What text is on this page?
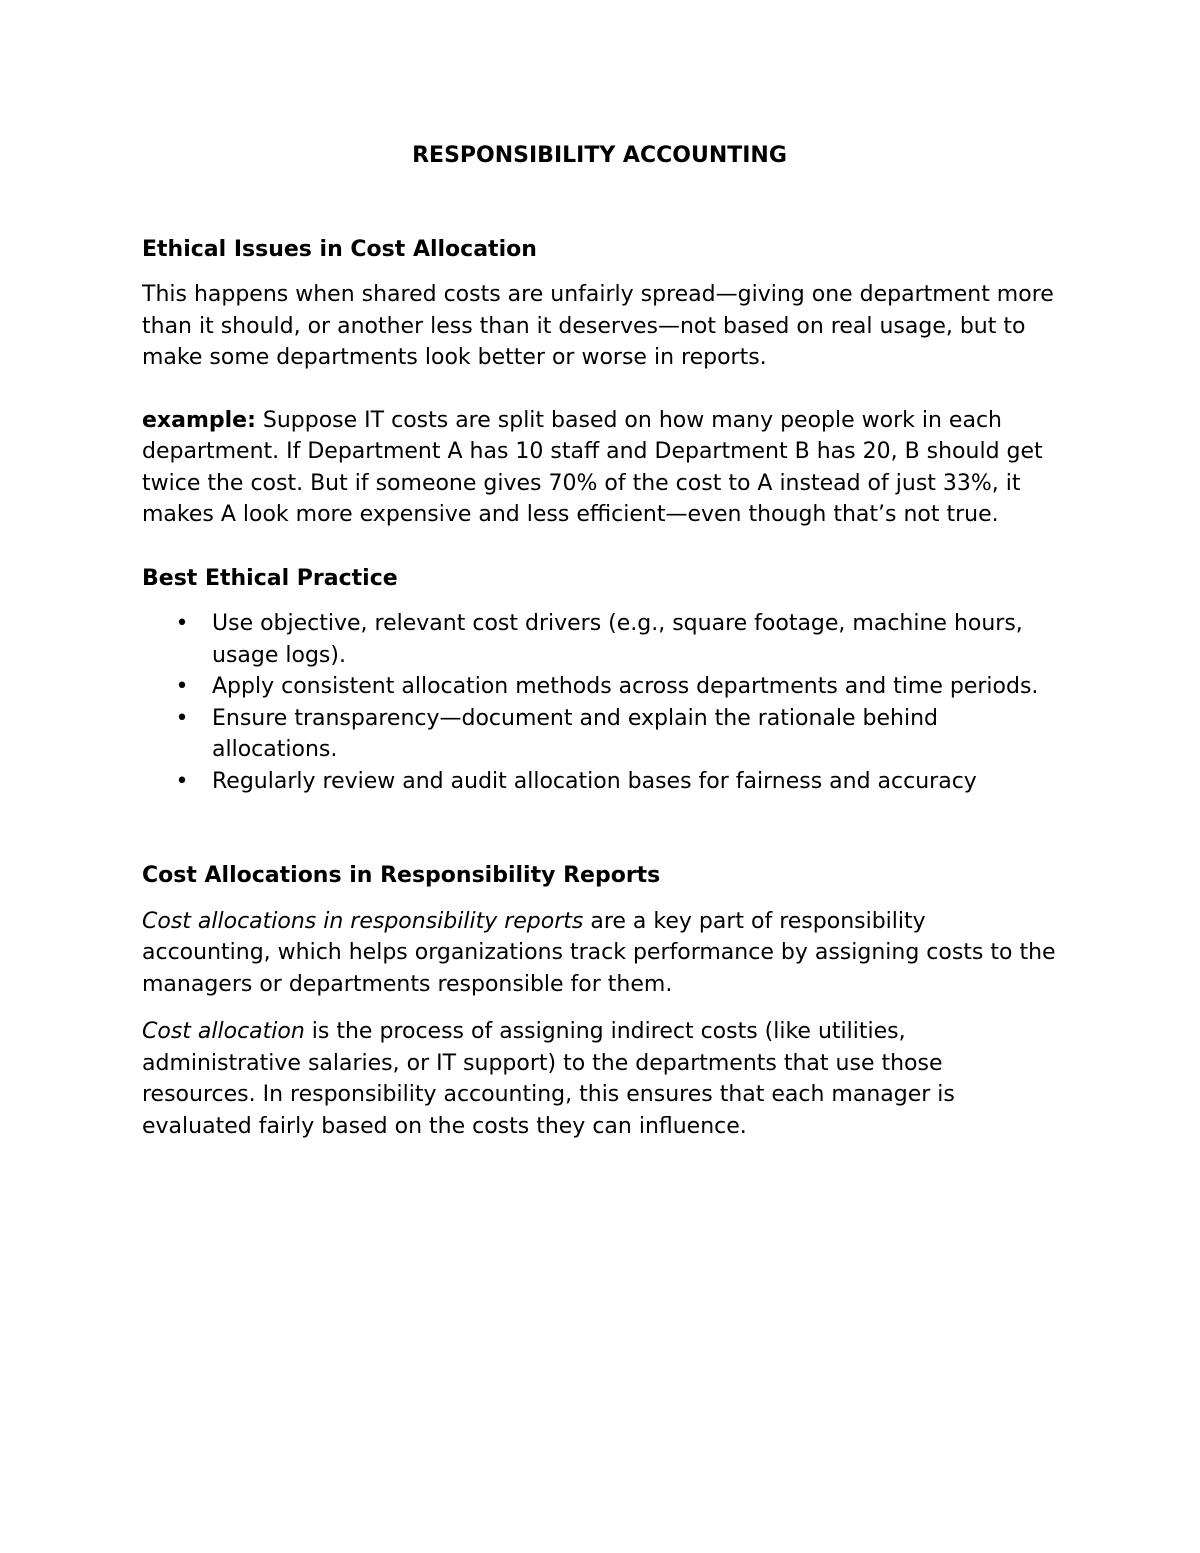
RESPONSIBILITY ACCOUNTING

Ethical Issues in Cost Allocation

This happens when shared costs are unfairly spread—giving one department more than it should, or another less than it deserves—not based on real usage, but to make some departments look better or worse in reports.

example: Suppose IT costs are split based on how many people work in each department. If Department A has 10 staff and Department B has 20, B should get twice the cost. But if someone gives 70% of the cost to A instead of just 33%, it makes A look more expensive and less efficient—even though that’s not true.

Best Ethical Practice
• Use objective, relevant cost drivers (e.g., square footage, machine hours, usage logs).
• Apply consistent allocation methods across departments and time periods.
• Ensure transparency—document and explain the rationale behind allocations.
• Regularly review and audit allocation bases for fairness and accuracy
Cost Allocations in Responsibility Reports

Cost allocations in responsibility reports are a key part of responsibility accounting, which helps organizations track performance by assigning costs to the managers or departments responsible for them.

Cost allocation is the process of assigning indirect costs (like utilities, administrative salaries, or IT support) to the departments that use those resources. In responsibility accounting, this ensures that each manager is evaluated fairly based on the costs they can influence.
